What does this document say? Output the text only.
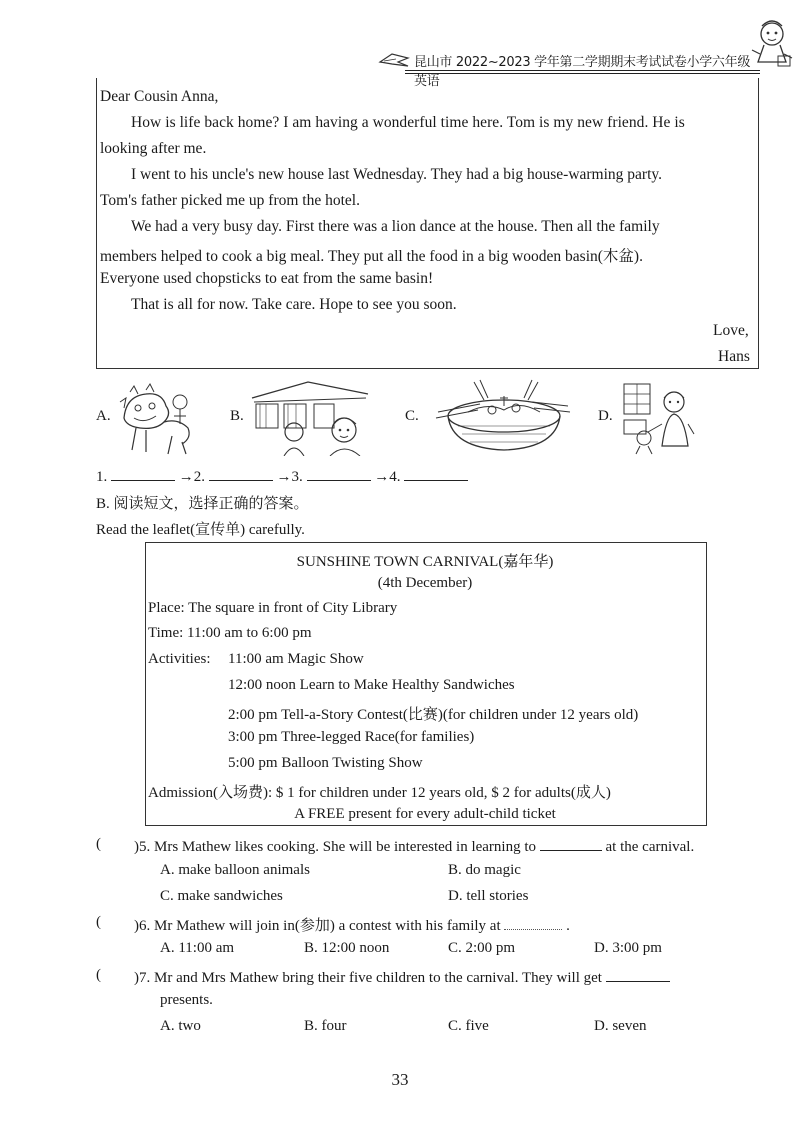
昆山市 2022~2023 学年第二学期期末考试试卷小学六年级英语
Dear Cousin Anna,
How is life back home? I am having a wonderful time here. Tom is my new friend. He is
looking after me.
I went to his uncle's new house last Wednesday. They had a big house-warming party.
Tom's father picked me up from the hotel.
We had a very busy day. First there was a lion dance at the house. Then all the family
members helped to cook a big meal. They put all the food in a big wooden basin(木盆).
Everyone used chopsticks to eat from the same basin!
That is all for now. Take care. Hope to see you soon.
Love,
Hans
A.	B.	C.	D.
1.	→2.	→3.	→4.
B. 阅读短文，选择正确的答案。
Read the leaflet(宣传单) carefully.
SUNSHINE TOWN CARNIVAL(嘉年华)
(4th December)
Place: The square in front of City Library
Time: 11:00 am to 6:00 pm
Activities: 11:00 am Magic Show
12:00 noon Learn to Make Healthy Sandwiches
2:00 pm Tell-a-Story Contest(比赛)(for children under 12 years old)
3:00 pm Three-legged Race(for families)
5:00 pm Balloon Twisting Show
Admission(入场费): $ 1 for children under 12 years old, $ 2 for adults(成人)
A FREE present for every adult-child ticket
( )5. Mrs Mathew likes cooking. She will be interested in learning to	at the carnival.
A. make balloon animals	B. do magic
C. make sandwiches	D. tell stories
( )6. Mr Mathew will join in(参加) a contest with his family at	.
A. 11:00 am	B. 12:00 noon	C. 2:00 pm	D. 3:00 pm
( )7. Mr and Mrs Mathew bring their five children to the carnival. They will get
presents.
A. two	B. four	C. five	D. seven
33
